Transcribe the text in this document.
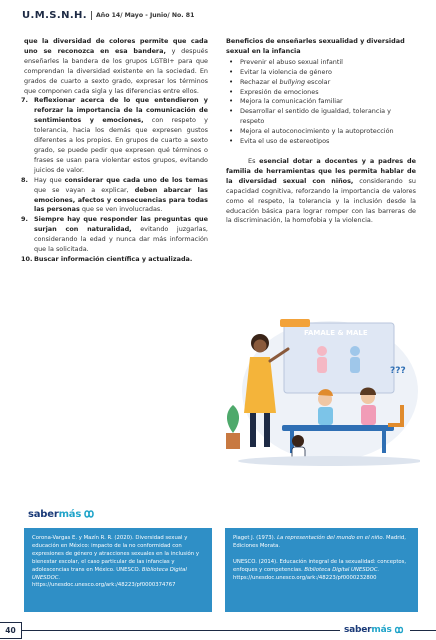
U.M.S.N.H. Año 14/ Mayo - Junio/ No. 81

que la diversidad de colores permite que cada uno se reconozca en esa bandera, y después enseñarles la bandera de los grupos LGTBI+ para que comprendan la diversidad existente en la sociedad. En grados de cuarto a sexto grado, expresar los términos que componen cada sigla y las diferencias entre ellos.

7. Reflexionar acerca de lo que entendieron y reforzar la importancia de la comunicación de sentimientos y emociones, con respeto y tolerancia, hacia los demás que expresen gustos diferentes a los propios. En grupos de cuarto a sexto grado, se puede pedir que expresen qué términos o frases se usan para violentar estos grupos, evitando juicios de valor.
8. Hay que considerar que cada uno de los temas que se vayan a explicar, deben abarcar las emociones, afectos y consecuencias para todas las personas que se ven involucradas.
9. Siempre hay que responder las preguntas que surjan con naturalidad, evitando juzgarlas, considerando la edad y nunca dar más información que la solicitada.
10. Buscar información científica y actualizada.

Beneficios de enseñarles sexualidad y diversidad sexual en la infancia

• Prevenir el abuso sexual infantil
• Evitar la violencia de género
• Rechazar el bullying escolar
• Expresión de emociones
• Mejora la comunicación familiar
• Desarrollar el sentido de igualdad, tolerancia y respeto
• Mejora el autoconocimiento y la autoprotección
• Evita el uso de estereotipos

Es esencial dotar a docentes y a padres de familia de herramientas que les permita hablar de la diversidad sexual con niños, considerando su capacidad cognitiva, reforzando la importancia de valores como el respeto, la tolerancia y la inclusión desde la educación básica para lograr romper con las barreras de la discriminación, la homofobia y la violencia.

FAMALE & MALE
???
sabermás

Corona-Vargas E. y Mazín R. R. (2020). Diversidad sexual y educación en México: impacto de la no conformidad con expresiones de género y atracciones sexuales en la inclusión y bienestar escolar, el caso particular de las infancias y adolescencias trans en México. UNESCO. Biblioteca Digital UNESDOC. https://unesdoc.unesco.org/ark:/48223/pf0000374767

Piaget J. (1973). La representación del mundo en el niño. Madrid, Ediciones Morata.

UNESCO. (2014). Educación integral de la sexualidad: conceptos, enfoques y competencias. Biblioteca Digital UNESDOC. https://unesdoc.unesco.org/ark:/48223/pf0000232800

40	sabermás
